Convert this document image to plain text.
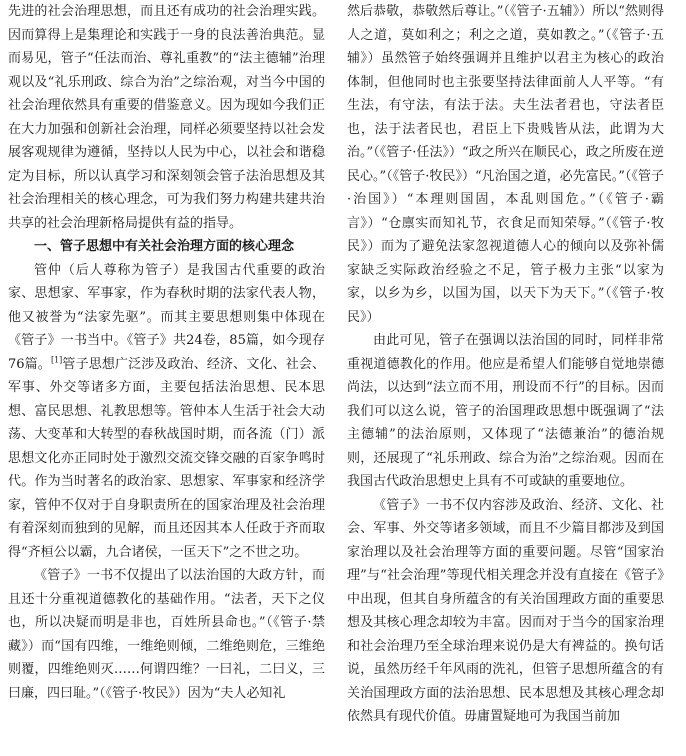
先进的社会治理思想，而且还有成功的社会治理实践。因而算得上是集理论和实践于一身的良法善治典范。显而易见，管子“任法而治、尊礼重教”的“法主德辅”治理观以及“礼乐刑政、综合为治”之综治观，对当今中国的社会治理依然具有重要的借鉴意义。因为现如今我们正在大力加强和创新社会治理，同样必须要坚持以社会发展客观规律为遵循，坚持以人民为中心，以社会和谐稳定为目标，所以认真学习和深刻领会管子法治思想及其社会治理相关的核心理念，可为我们努力构建共建共治共享的社会治理新格局提供有益的指导。

一、管子思想中有关社会治理方面的核心理念

管仲（后人尊称为管子）是我国古代重要的政治家、思想家、军事家，作为春秋时期的法家代表人物，他又被誉为“法家先驱”。而其主要思想则集中体现在《管子》一书当中。《管子》共24卷，85篇，如今现存76篇。[1]管子思想广泛涉及政治、经济、文化、社会、军事、外交等诸多方面，主要包括法治思想、民本思想、富民思想、礼教思想等。管仲本人生活于社会大动荡、大变革和大转型的春秋战国时期，而各流（门）派思想文化亦正同时处于激烈交流交锋交融的百家争鸣时代。作为当时著名的政治家、思想家、军事家和经济学家，管仲不仅对于自身职责所在的国家治理及社会治理有着深刻而独到的见解，而且还因其本人任政于齐而取得“齐桓公以霸，九合诸侯，一匡天下”之不世之功。

《管子》一书不仅提出了以法治国的大政方针，而且还十分重视道德教化的基础作用。“法者，天下之仪也，所以决疑而明是非也，百姓所县命也。”（《管子·禁藏》）而“国有四维，一维绝则倾，二维绝则危，三维绝则覆，四维绝则灭……何谓四维？一曰礼，二曰义，三曰廉，四曰耻。”（《管子·牧民》）因为“夫人必知礼

然后恭敬，恭敬然后尊让。”（《管子·五辅》）所以“然则得人之道，莫如利之；利之之道，莫如教之。”（《管子·五辅》）虽然管子始终强调并且维护以君主为核心的政治体制，但他同时也主张要坚持法律面前人人平等。“有生法，有守法，有法于法。夫生法者君也，守法者臣也，法于法者民也，君臣上下贵贱皆从法，此谓为大治。”（《管子·任法》）“政之所兴在顺民心，政之所废在逆民心。”（《管子·牧民》）“凡治国之道，必先富民。”（《管子·治国》）“本理则国固，本乱则国危。”（《管子·霸言》）“仓廪实而知礼节，衣食足而知荣辱。”（《管子·牧民》）而为了避免法家忽视道德人心的倾向以及弥补儒家缺乏实际政治经验之不足，管子极力主张“以家为家，以乡为乡，以国为国，以天下为天下。”（《管子·牧民》）

由此可见，管子在强调以法治国的同时，同样非常重视道德教化的作用。他应是希望人们能够自觉地崇德尚法，以达到“法立而不用，刑设而不行”的目标。因而我们可以这么说，管子的治国理政思想中既强调了“法主德辅”的法治原则，又体现了“法德兼治”的德治规则，还展现了“礼乐刑政、综合为治”之综治观。因而在我国古代政治思想史上具有不可或缺的重要地位。

《管子》一书不仅内容涉及政治、经济、文化、社会、军事、外交等诸多领域，而且不少篇目都涉及到国家治理以及社会治理等方面的重要问题。尽管“国家治理”与“社会治理”等现代相关理念并没有直接在《管子》中出现，但其自身所蕴含的有关治国理政方面的重要思想及其核心理念却较为丰富。因而对于当今的国家治理和社会治理乃至全球治理来说仍是大有裨益的。换句话说，虽然历经千年风雨的洗礼，但管子思想所蕴含的有关治国理政方面的法治思想、民本思想及其核心理念却依然具有现代价值。毋庸置疑地可为我国当前加
